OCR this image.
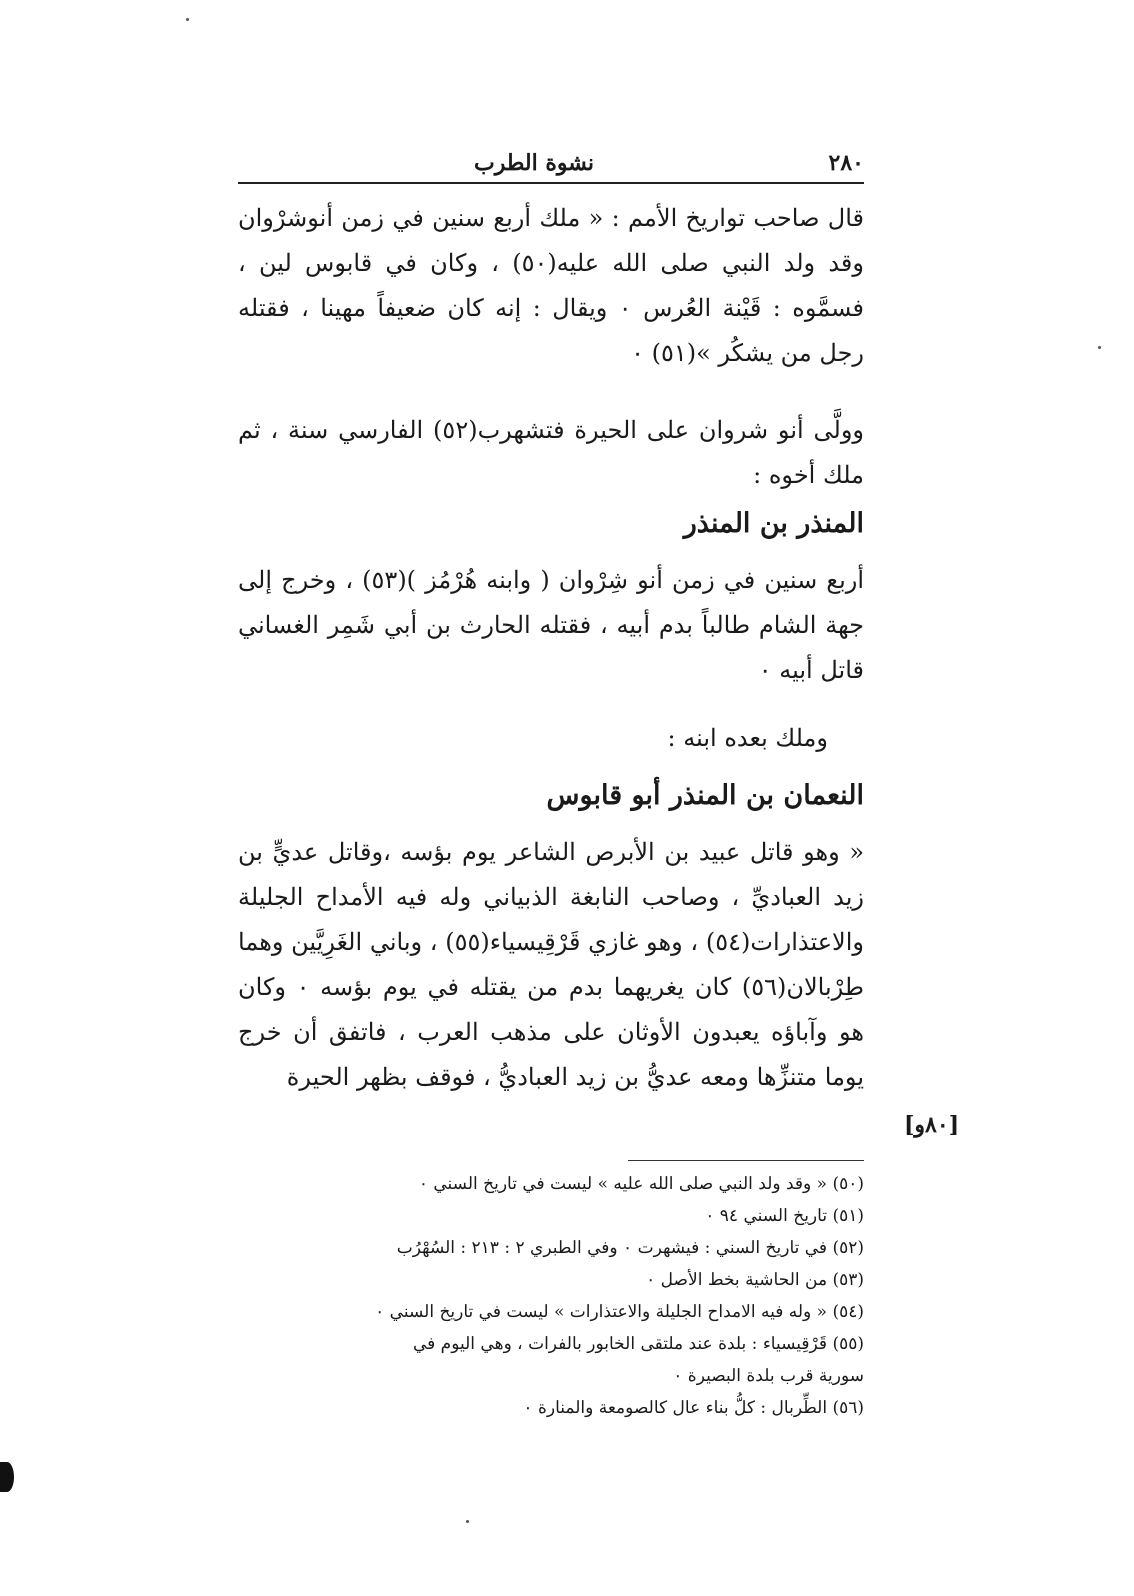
٢٨٠
نشوة الطرب

قال صاحب تواريخ الأمم : « ملك أربع سنين في زمن أنوشرْوان وقد ولد النبي صلى الله عليه(٥٠) ، وكان في قابوس لين ، فسمَّوه : قَيْنة العُرس ۰ ويقال : إنه كان ضعيفاً مهينا ، فقتله رجل من يشكُر »(٥١) ۰

وولَّى أنو شروان على الحيرة فتشهرب(٥٢) الفارسي سنة ، ثم ملك أخوه :

المنذر بن المنذر

أربع سنين في زمن أنو شِرْوان ( وابنه هُرْمُز )(٥٣) ، وخرج إلى جهة الشام طالباً بدم أبيه ، فقتله الحارث بن أبي شَمِر الغساني قاتل أبيه ۰

وملك بعده ابنه :

النعمان بن المنذر أبو قابوس

« وهو قاتل عبيد بن الأبرص الشاعر يوم بؤسه ،وقاتل عديٍّ بن زيد العباديِّ ، وصاحب النابغة الذبياني وله فيه الأمداح الجليلة والاعتذارات(٥٤) ، وهو غازي قَرْقِيسياء(٥٥) ، وباني الغَرِيَّين وهما طِرْبالان(٥٦) كان يغريهما بدم من يقتله في يوم بؤسه ۰ وكان هو وآباؤه يعبدون الأوثان على مذهب العرب ، فاتفق أن خرج يوما متنزِّها ومعه عديُّ بن زيد العباديُّ ، فوقف بظهر الحيرة

[٨٠و]
(٥٠) « وقد ولد النبي صلى الله عليه » ليست في تاريخ السني ۰
(٥١) تاريخ السني ٩٤ ۰
(٥٢) في تاريخ السني : فيشهرت ۰ وفي الطبري ٢ : ٢١٣ : السُهْرُب
(٥٣) من الحاشية بخط الأصل ۰
(٥٤) « وله فيه الامداح الجليلة والاعتذارات » ليست في تاريخ السني ۰
(٥٥) قَرْقِيسياء : بلدة عند ملتقى الخابور بالفرات ، وهي اليوم في
سورية قرب بلدة البصيرة ۰
(٥٦) الطِّربال : كلُّ بناء عال كالصومعة والمنارة ۰
